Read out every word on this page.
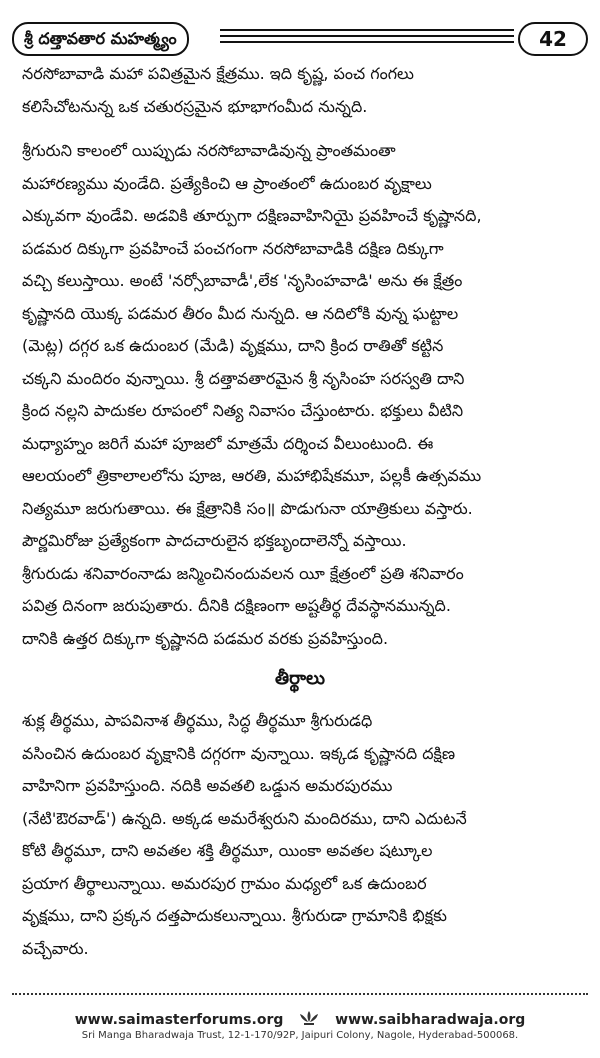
శ్రీ దత్తావతార మహత్మ్యం	42
నరసోబావాడి మహా పవిత్రమైన క్షేత్రము. ఇది కృష్ణ, పంచ గంగలు
కలిసేచోటనున్న ఒక చతురస్రమైన భూభాగంమీద నున్నది.
శ్రీగురుని కాలంలో యిప్పుడు నరసోబావాడివున్న ప్రాంతమంతా
మహారణ్యము వుండేది. ప్రత్యేకించి ఆ ప్రాంతంలో ఉదుంబర వృక్షాలు
ఎక్కువగా వుండేవి. అడవికి తూర్పుగా దక్షిణవాహినియై ప్రవహించే కృష్ణానది,
పడమర దిక్కుగా ప్రవహించే పంచగంగా నరసోబావాడికి దక్షిణ దిక్కుగా
వచ్చి కలుస్తాయి. అంటే 'నర్సోబావాడీ',లేక 'నృసింహవాడి' అను ఈ క్షేత్రం
కృష్ణానది యొక్క పడమర తీరం మీద నున్నది. ఆ నదిలోకి వున్న ఘట్టాల
(మెట్ల) దగ్గర ఒక ఉదుంబర (మేడి) వృక్షము, దాని క్రింద రాతితో కట్టిన
చక్కని మందిరం వున్నాయి. శ్రీ దత్తావతారమైన శ్రీ నృసింహ సరస్వతి దాని
క్రింద నల్లని పాదుకల రూపంలో నిత్య నివాసం చేస్తుంటారు. భక్తులు వీటిని
మధ్యాహ్నం జరిగే మహా పూజలో మాత్రమే దర్శించ వీలుంటుంది. ఈ
ఆలయంలో త్రికాలాలలోను పూజ, ఆరతి, మహాభిషేకమూ, పల్లకీ ఉత్సవము
నిత్యమూ జరుగుతాయి. ఈ క్షేత్రానికి సం॥ పొడుగునా యాత్రికులు వస్తారు.
పౌర్ణమిరోజు ప్రత్యేకంగా పాదచారులైన భక్తబృందాలెన్నో వస్తాయి.
శ్రీగురుడు శనివారంనాడు జన్మించినందువలన యీ క్షేత్రంలో ప్రతి శనివారం
పవిత్ర దినంగా జరుపుతారు. దీనికి దక్షిణంగా అష్టతీర్థ దేవస్థానమున్నది.
దానికి ఉత్తర దిక్కుగా కృష్ణానది పడమర వరకు ప్రవహిస్తుంది.
తీర్థాలు
శుక్ల తీర్థము, పాపవినాశ తీర్థము, సిద్ధ తీర్థమూ శ్రీగురుడధి
వసించిన ఉదుంబర వృక్షానికి దగ్గరగా వున్నాయి. ఇక్కడ కృష్ణానది దక్షిణ
వాహినిగా ప్రవహిస్తుంది. నదికి అవతలి ఒడ్డున అమరపురము
(నేటి'ఔరవాడ్') ఉన్నది. అక్కడ అమరేశ్వరుని మందిరము, దాని ఎదుటనే
కోటి తీర్థమూ, దాని అవతల శక్తి తీర్థమూ, యింకా అవతల షట్కూల
ప్రయాగ తీర్థాలున్నాయి. అమరపుర గ్రామం మధ్యలో ఒక ఉదుంబర
వృక్షము, దాని ప్రక్కన దత్తపాదుకలున్నాయి. శ్రీగురుడా గ్రామానికి భిక్షకు
వచ్చేవారు.
www.saimasterforums.org	www.saibharadwaja.org
Sri Manga Bharadwaja Trust, 12-1-170/92P, Jaipuri Colony, Nagole, Hyderabad-500068.
